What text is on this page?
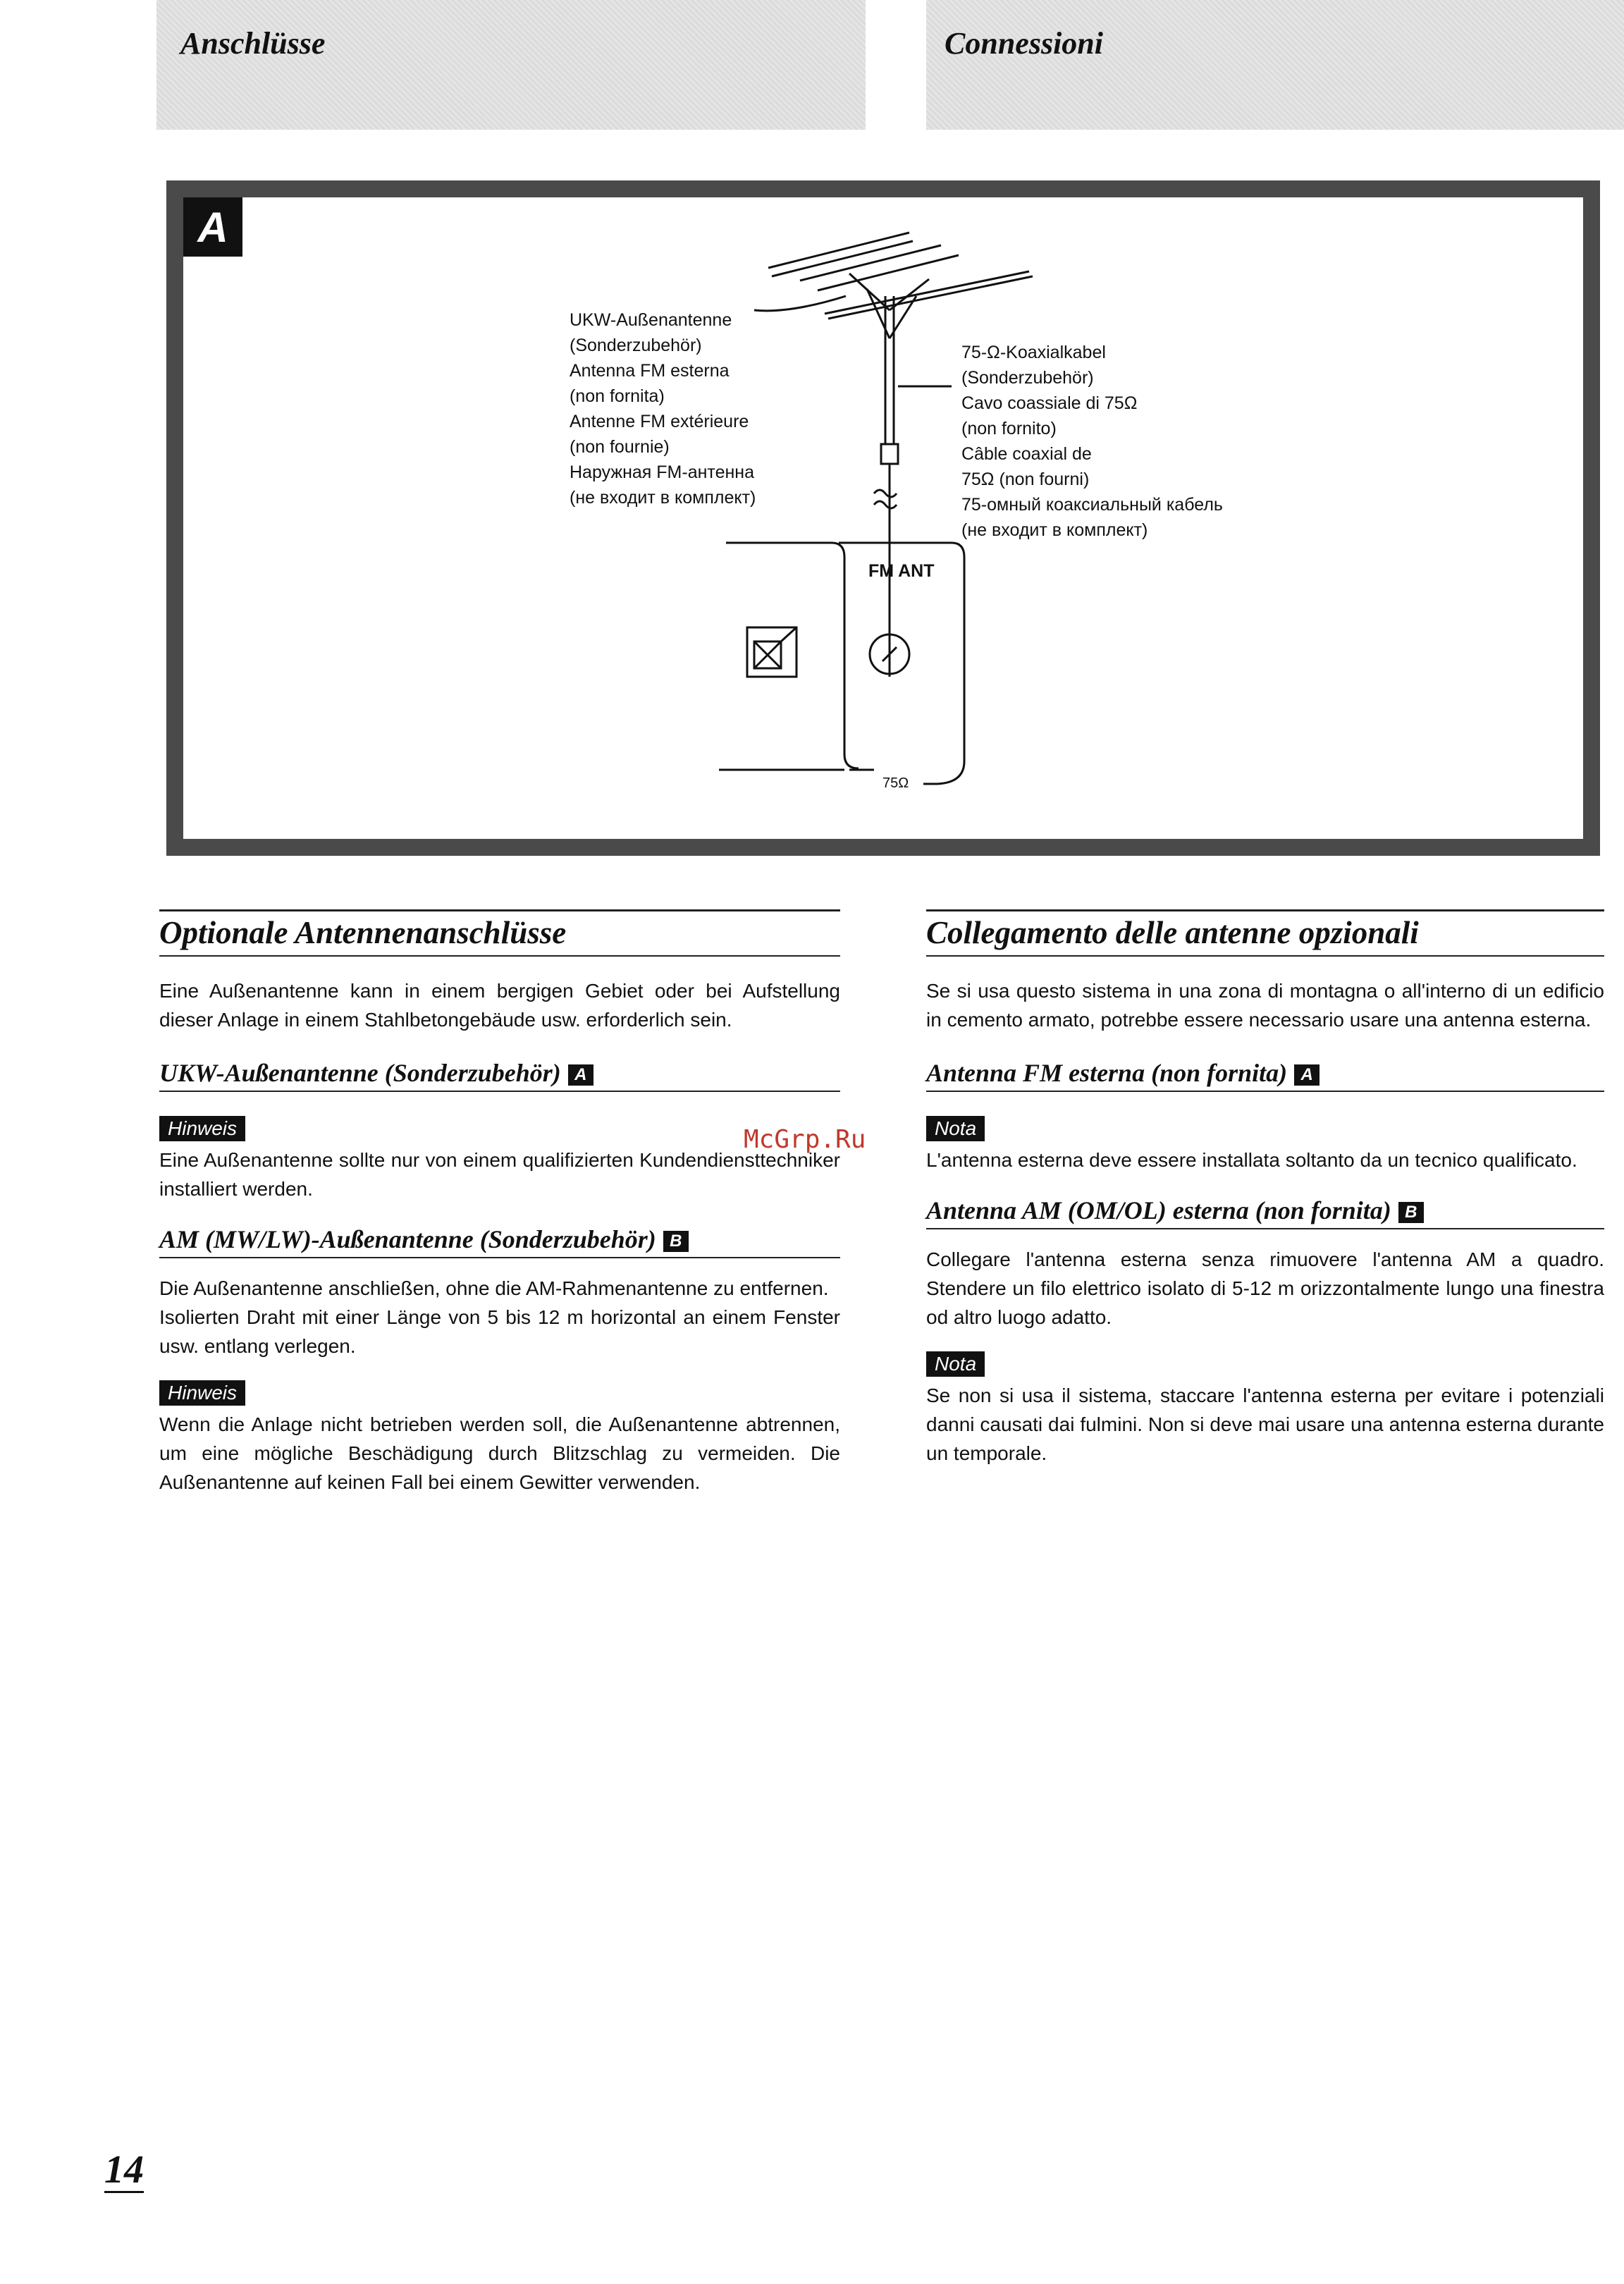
Anschlüsse	Connessioni
A
UKW-Außenantenne
(Sonderzubehör)
Antenna FM esterna
(non fornita)
Antenne FM extérieure
(non fournie)
Наружная FM-антенна
(не входит в комплект)
75-Ω-Koaxialkabel
(Sonderzubehör)
Cavo coassiale di 75Ω
(non fornito)
Câble coaxial de
75Ω (non fourni)
75-омный коаксиальный кабель
(не входит в комплект)
FM ANT
75Ω
McGrp.Ru
Optionale Antennenanschlüsse

Eine Außenantenne kann in einem bergigen Gebiet oder bei Aufstellung dieser Anlage in einem Stahlbetongebäude usw. erforderlich sein.

UKW-Außenantenne (Sonderzubehör) A
Hinweis

Eine Außenantenne sollte nur von einem qualifizierten Kundendiensttechniker installiert werden.

AM (MW/LW)-Außenantenne (Sonderzubehör) B

Die Außenantenne anschließen, ohne die AM-Rahmenantenne zu entfernen.

Isolierten Draht mit einer Länge von 5 bis 12 m horizontal an einem Fenster usw. entlang verlegen.

Hinweis

Wenn die Anlage nicht betrieben werden soll, die Außenantenne abtrennen, um eine mögliche Beschädigung durch Blitzschlag zu vermeiden. Die Außenantenne auf keinen Fall bei einem Gewitter verwenden.

Collegamento delle antenne opzionali

Se si usa questo sistema in una zona di montagna o all'interno di un edificio in cemento armato, potrebbe essere necessario usare una antenna esterna.

Antenna FM esterna (non fornita) A
Nota

L'antenna esterna deve essere installata soltanto da un tecnico qualificato.

Antenna AM (OM/OL) esterna (non fornita) B

Collegare l'antenna esterna senza rimuovere l'antenna AM a quadro. Stendere un filo elettrico isolato di 5-12 m orizzontalmente lungo una finestra od altro luogo adatto.

Nota

Se non si usa il sistema, staccare l'antenna esterna per evitare i potenziali danni causati dai fulmini. Non si deve mai usare una antenna esterna durante un temporale.

14
